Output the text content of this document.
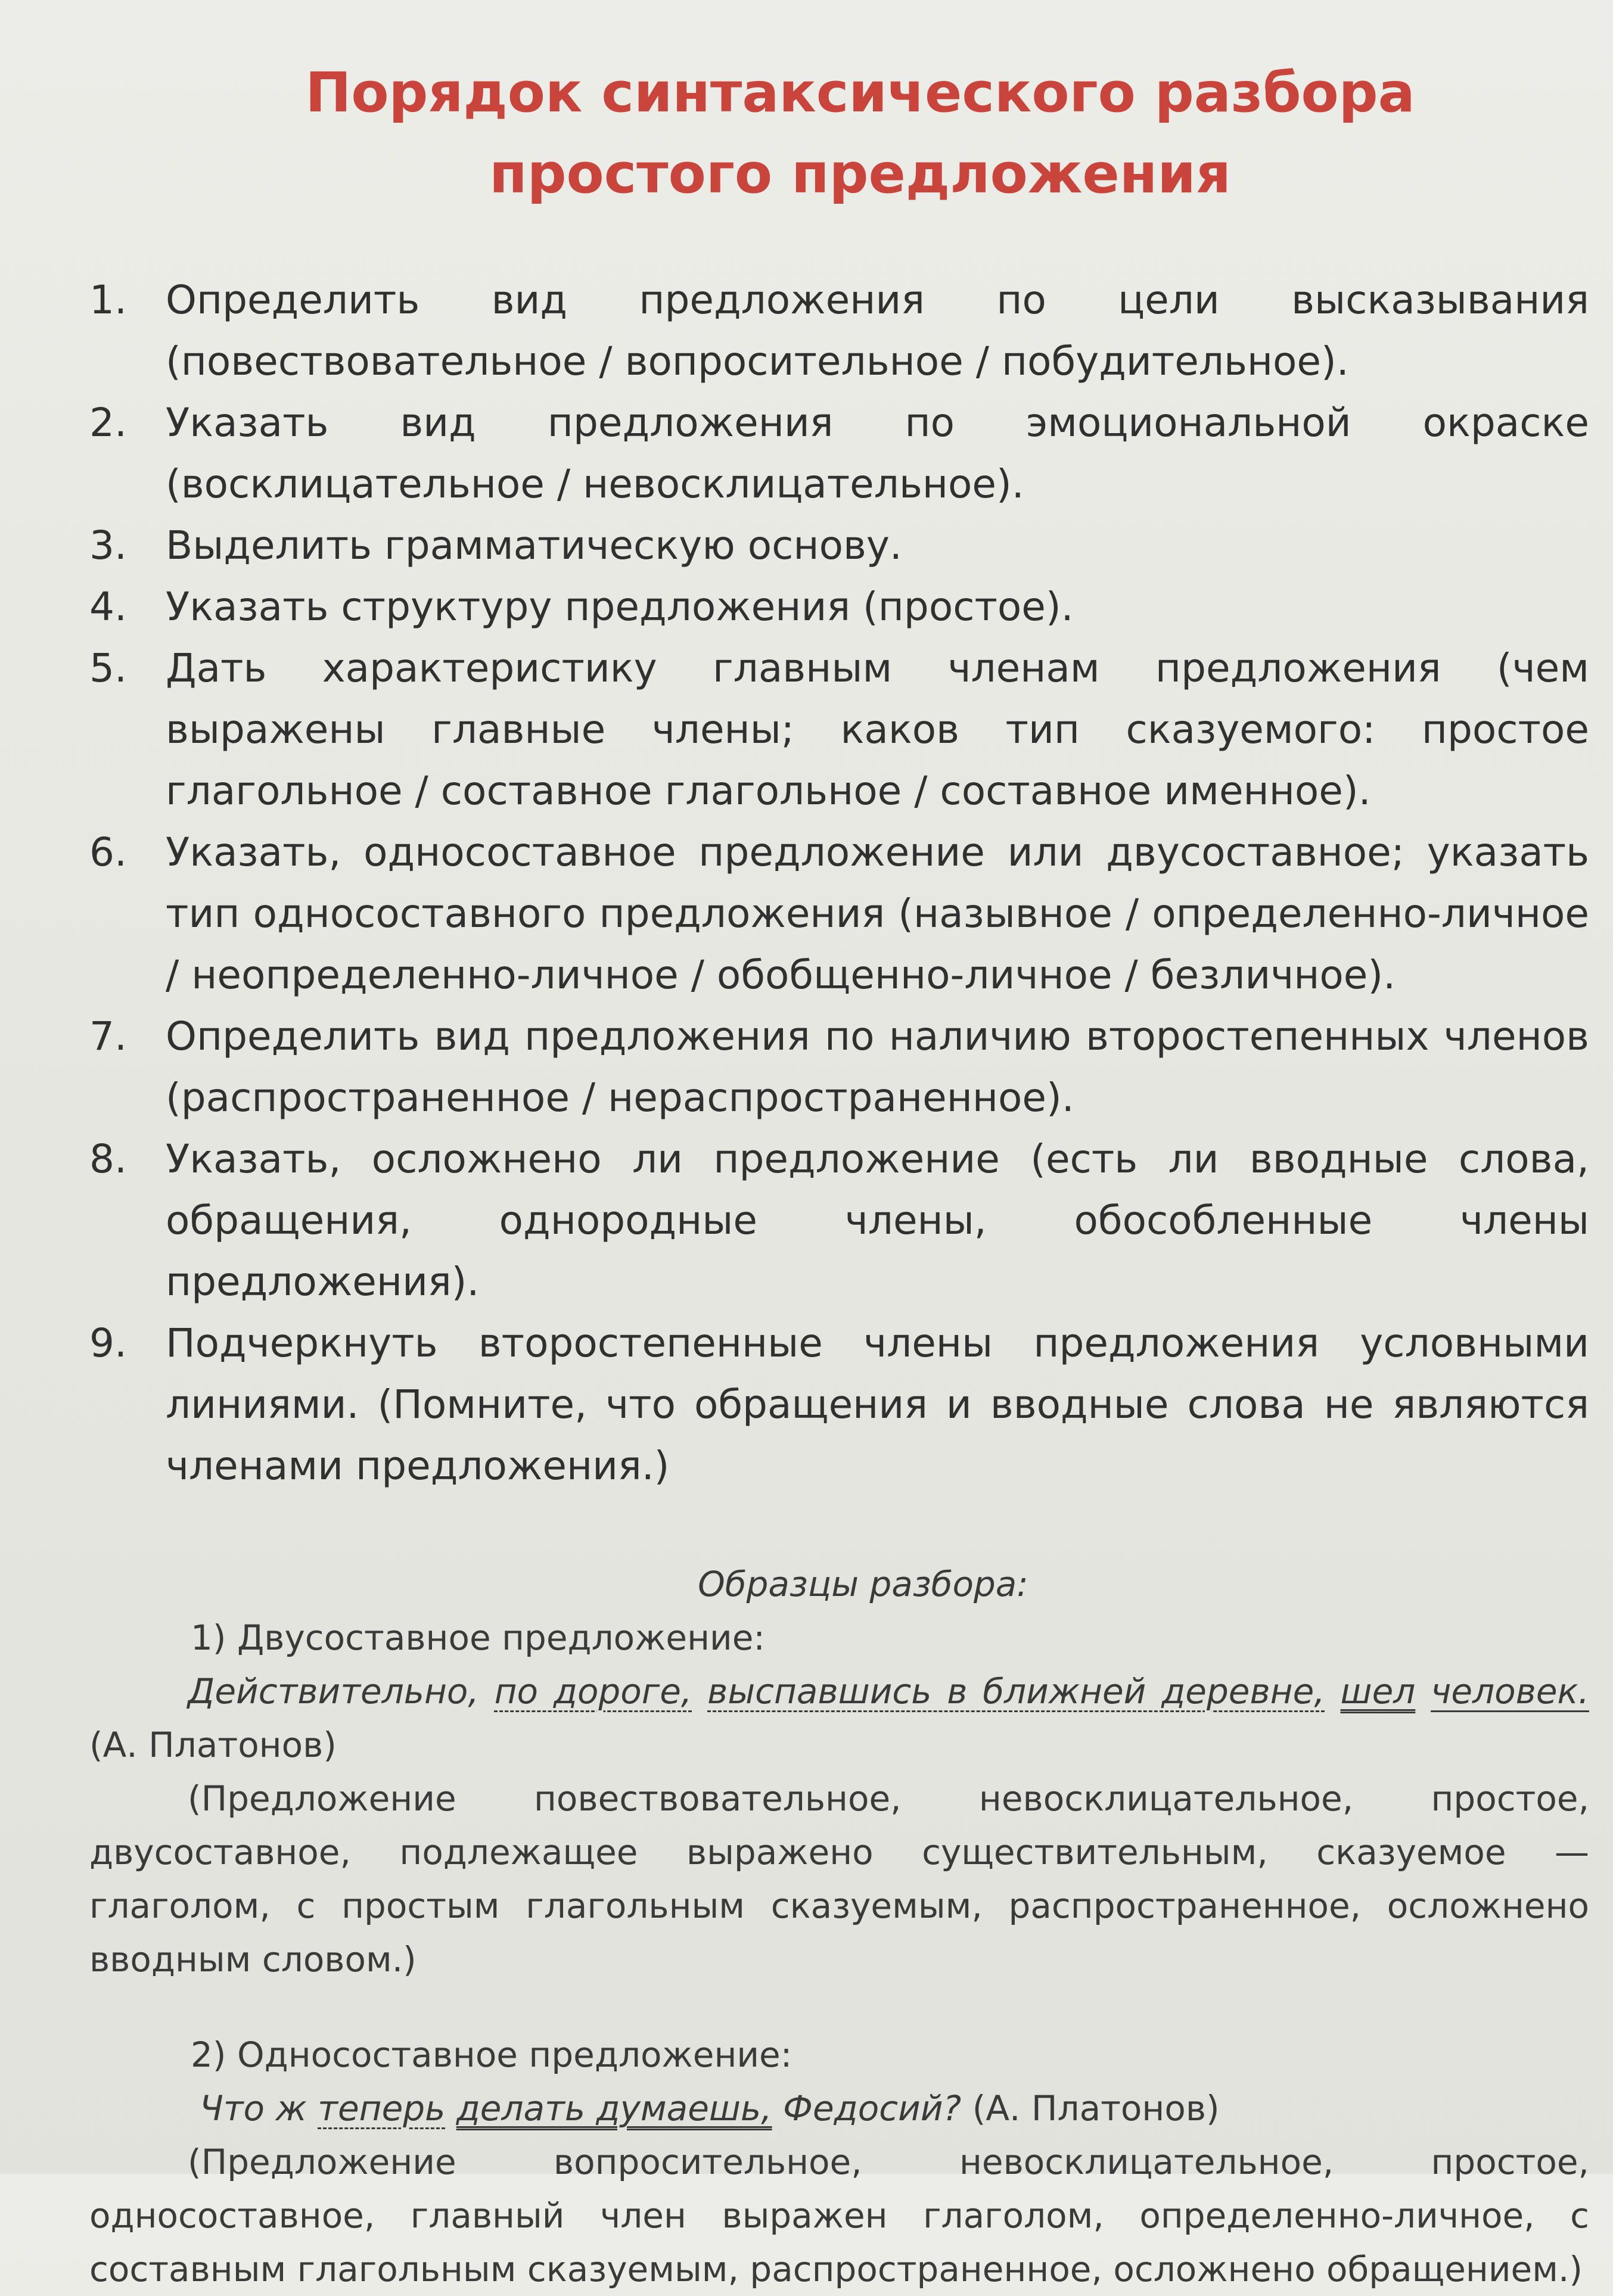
Порядок синтаксического разбора
простого предложения
1. Определить вид предложения по цели высказывания (повествовательное / вопросительное / побудительное).
2. Указать вид предложения по эмоциональной окраске (восклицательное / невосклицательное).
3. Выделить грамматическую основу.
4. Указать структуру предложения (простое).
5. Дать характеристику главным членам предложения (чем выражены главные члены; каков тип сказуемого: простое глагольное / составное глагольное / составное именное).
6. Указать, односоставное предложение или двусоставное; указать тип односоставного предложения (назывное / определенно-личное / неопределенно-личное / обобщенно-личное / безличное).
7. Определить вид предложения по наличию второстепенных членов (распространенное / нераспространенное).
8. Указать, осложнено ли предложение (есть ли вводные слова, обращения, однородные члены, обособленные члены предложения).
9. Подчеркнуть второстепенные члены предложения условными линиями. (Помните, что обращения и вводные слова не являются членами предложения.)
Образцы разбора:
1) Двусоставное предложение:
Действительно, по дороге, выспавшись в ближней деревне, шел человек. (А. Платонов)
(Предложение повествовательное, невосклицательное, простое, двусоставное, подлежащее выражено существительным, сказуемое — глаголом, с простым глагольным сказуемым, распространенное, осложнено вводным словом.)
2) Односоставное предложение:
Что ж теперь делать думаешь, Федосий? (А. Платонов)
(Предложение вопросительное, невосклицательное, простое, односоставное, главный член выражен глаголом, определенно-личное, с составным глагольным сказуемым, распространенное, осложнено обращением.)
